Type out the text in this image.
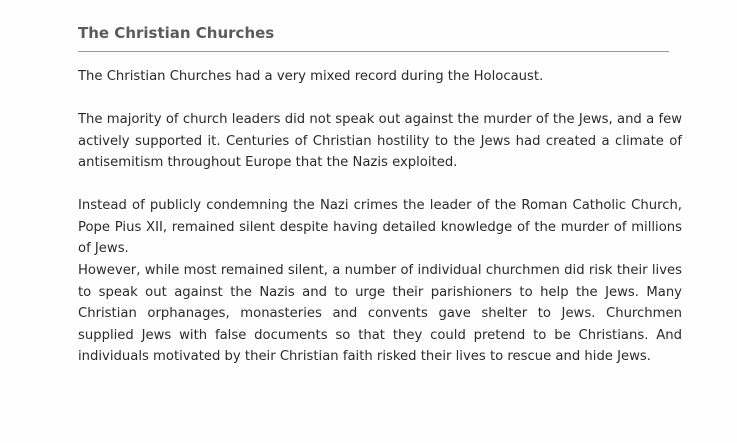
The Christian Churches

The Christian Churches had a very mixed record during the Holocaust.

The majority of church leaders did not speak out against the murder of the Jews, and a few actively supported it. Centuries of Christian hostility to the Jews had created a climate of antisemitism throughout Europe that the Nazis exploited.

Instead of publicly condemning the Nazi crimes the leader of the Roman Catholic Church, Pope Pius XII, remained silent despite having detailed knowledge of the murder of millions of Jews.

However, while most remained silent, a number of individual churchmen did risk their lives to speak out against the Nazis and to urge their parishioners to help the Jews. Many Christian orphanages, monasteries and convents gave shelter to Jews. Churchmen supplied Jews with false documents so that they could pretend to be Christians. And individuals motivated by their Christian faith risked their lives to rescue and hide Jews.
